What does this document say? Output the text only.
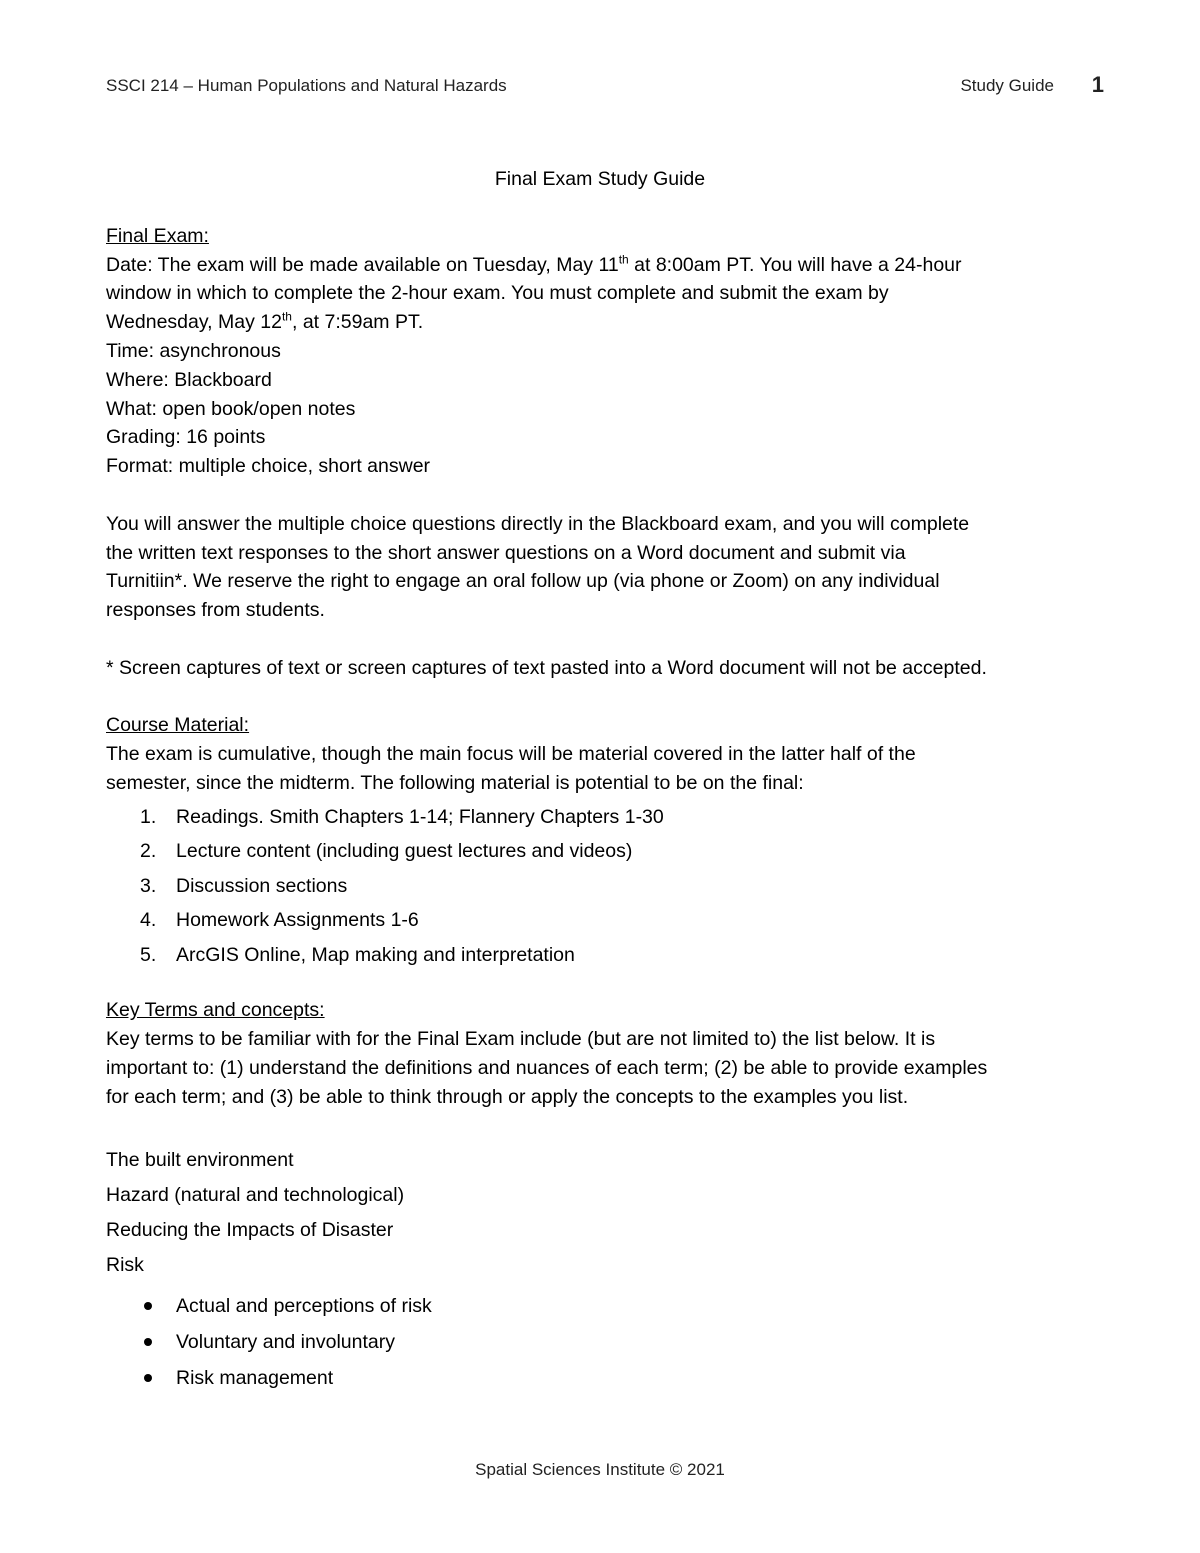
SSCI 214 – Human Populations and Natural Hazards	Study Guide 1

Final Exam Study Guide

Final Exam:

Date: The exam will be made available on Tuesday, May 11th at 8:00am PT. You will have a 24-hour

window in which to complete the 2-hour exam. You must complete and submit the exam by

Wednesday, May 12th, at 7:59am PT.

Time: asynchronous

Where: Blackboard

What: open book/open notes

Grading: 16 points

Format: multiple choice, short answer

You will answer the multiple choice questions directly in the Blackboard exam, and you will complete

the written text responses to the short answer questions on a Word document and submit via

Turnitiin*. We reserve the right to engage an oral follow up (via phone or Zoom) on any individual

responses from students.

* Screen captures of text or screen captures of text pasted into a Word document will not be accepted.

Course Material:

The exam is cumulative, though the main focus will be material covered in the latter half of the

semester, since the midterm. The following material is potential to be on the final:

1. Readings. Smith Chapters 1-14; Flannery Chapters 1-30
2. Lecture content (including guest lectures and videos)
3. Discussion sections
4. Homework Assignments 1-6
5. ArcGIS Online, Map making and interpretation

Key Terms and concepts:

Key terms to be familiar with for the Final Exam include (but are not limited to) the list below. It is

important to: (1) understand the definitions and nuances of each term; (2) be able to provide examples

for each term; and (3) be able to think through or apply the concepts to the examples you list.

The built environment

Hazard (natural and technological)

Reducing the Impacts of Disaster

Risk

Actual and perceptions of risk
Voluntary and involuntary
Risk management
Spatial Sciences Institute © 2021
